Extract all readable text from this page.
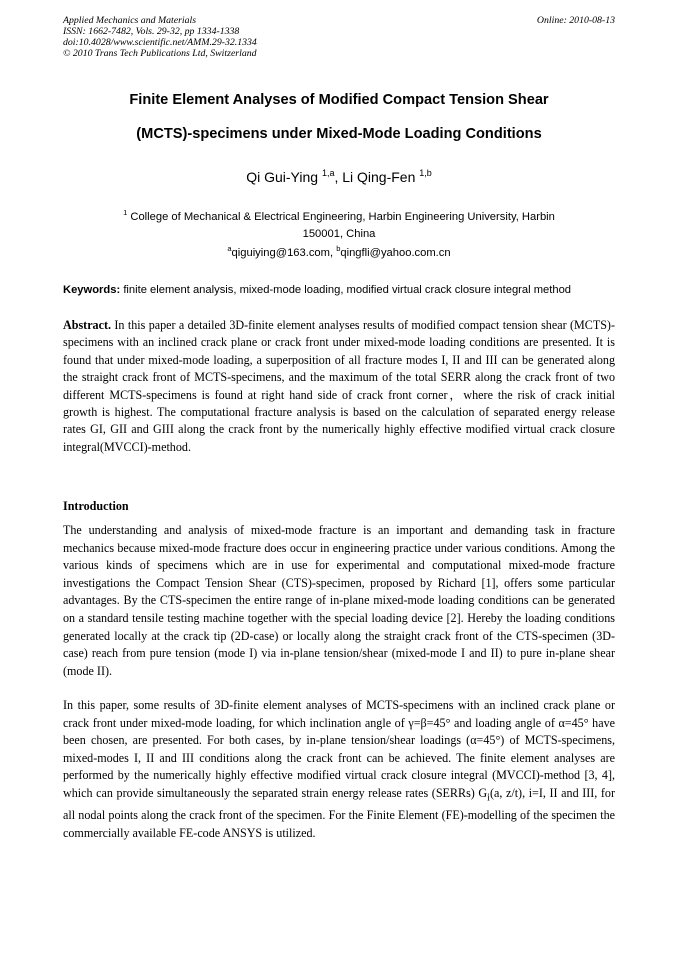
Applied Mechanics and Materials
ISSN: 1662-7482, Vols. 29-32, pp 1334-1338
doi:10.4028/www.scientific.net/AMM.29-32.1334
© 2010 Trans Tech Publications Ltd, Switzerland
Online: 2010-08-13
Finite Element Analyses of Modified Compact Tension Shear
(MCTS)-specimens under Mixed-Mode Loading Conditions
Qi Gui-Ying $^{1,a}$, Li Qing-Fen $^{1,b}$
$^1$ College of Mechanical & Electrical Engineering, Harbin Engineering University, Harbin 150001, China
$^a$qiguiying@163.com, $^b$qingfli@yahoo.com.cn
Keywords: finite element analysis, mixed-mode loading, modified virtual crack closure integral method
Abstract. In this paper a detailed 3D-finite element analyses results of modified compact tension shear (MCTS)-specimens with an inclined crack plane or crack front under mixed-mode loading conditions are presented. It is found that under mixed-mode loading, a superposition of all fracture modes I, II and III can be generated along the straight crack front of MCTS-specimens, and the maximum of the total SERR along the crack front of two different MCTS-specimens is found at right hand side of crack front corner，where the risk of crack initial growth is highest. The computational fracture analysis is based on the calculation of separated energy release rates GI, GII and GIII along the crack front by the numerically highly effective modified virtual crack closure integral(MVCCI)-method.
Introduction
The understanding and analysis of mixed-mode fracture is an important and demanding task in fracture mechanics because mixed-mode fracture does occur in engineering practice under various conditions. Among the various kinds of specimens which are in use for experimental and computational mixed-mode fracture investigations the Compact Tension Shear (CTS)-specimen, proposed by Richard [1], offers some particular advantages. By the CTS-specimen the entire range of in-plane mixed-mode loading conditions can be generated on a standard tensile testing machine together with the special loading device [2]. Hereby the loading conditions generated locally at the crack tip (2D-case) or locally along the straight crack front of the CTS-specimen (3D-case) reach from pure tension (mode I) via in-plane tension/shear (mixed-mode I and II) to pure in-plane shear (mode II).
In this paper, some results of 3D-finite element analyses of MCTS-specimens with an inclined crack plane or crack front under mixed-mode loading, for which inclination angle of γ=β=45° and loading angle of α=45° have been chosen, are presented. For both cases, by in-plane tension/shear loadings (α=45°) of MCTS-specimens, mixed-modes I, II and III conditions along the crack front can be achieved. The finite element analyses are performed by the numerically highly effective modified virtual crack closure integral (MVCCI)-method [3, 4], which can provide simultaneously the separated strain energy release rates (SERRs) $G_i(a$, z/t), i=I, II and III, for all nodal points along the crack front of the specimen. For the Finite Element (FE)-modelling of the specimen the commercially available FE-code ANSYS is utilized.
